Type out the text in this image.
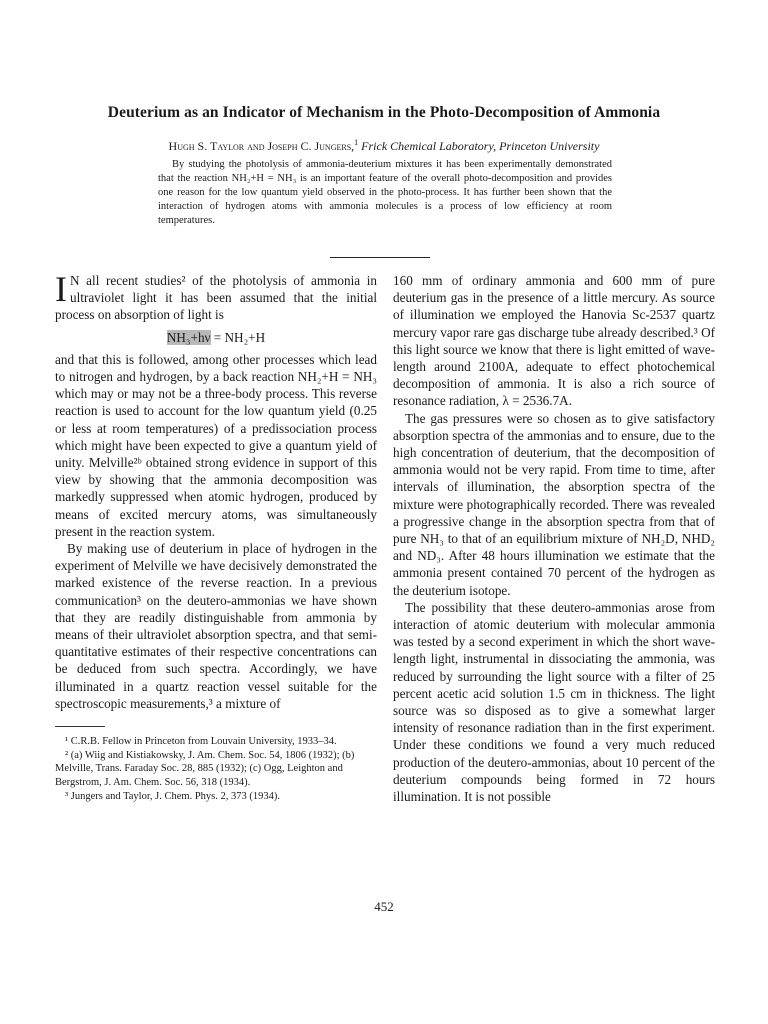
Deuterium as an Indicator of Mechanism in the Photo-Decomposition of Ammonia
Hugh S. Taylor and Joseph C. Jungers,$^1$ Frick Chemical Laboratory, Princeton University

By studying the photolysis of ammonia-deuterium mixtures it has been experimentally demonstrated that the reaction NH₂+H = NH₃ is an important feature of the overall photo-decomposition and provides one reason for the low quantum yield observed in the photo-process. It has further been shown that the interaction of hydrogen atoms with ammonia molecules is a process of low efficiency at room temperatures.

I N all recent studies² of the photolysis of ammonia in ultraviolet light it has been assumed that the initial process on absorption of light is

NH₃+hν = NH₂+H

and that this is followed, among other processes which lead to nitrogen and hydrogen, by a back reaction NH₂+H = NH₃ which may or may not be a three-body process. This reverse reaction is used to account for the low quantum yield (0.25 or less at room temperatures) of a predissociation process which might have been expected to give a quantum yield of unity. Melville²ᵇ obtained strong evidence in support of this view by showing that the ammonia decomposition was markedly suppressed when atomic hydrogen, produced by means of excited mercury atoms, was simultaneously present in the reaction system.

By making use of deuterium in place of hydrogen in the experiment of Melville we have decisively demonstrated the marked existence of the reverse reaction. In a previous communication³ on the deutero-ammonias we have shown that they are readily distinguishable from ammonia by means of their ultraviolet absorption spectra, and that semi-quantitative estimates of their respective concentrations can be deduced from such spectra. Accordingly, we have illuminated in a quartz reaction vessel suitable for the spectroscopic measurements,³ a mixture of

¹ C.R.B. Fellow in Princeton from Louvain University, 1933–34.

² (a) Wiig and Kistiakowsky, J. Am. Chem. Soc. 54, 1806 (1932); (b) Melville, Trans. Faraday Soc. 28, 885 (1932); (c) Ogg, Leighton and Bergstrom, J. Am. Chem. Soc. 56, 318 (1934).

³ Jungers and Taylor, J. Chem. Phys. 2, 373 (1934).

160 mm of ordinary ammonia and 600 mm of pure deuterium gas in the presence of a little mercury. As source of illumination we employed the Hanovia Sc-2537 quartz mercury vapor rare gas discharge tube already described.³ Of this light source we know that there is light emitted of wave-length around 2100A, adequate to effect photochemical decomposition of ammonia. It is also a rich source of resonance radiation, λ = 2536.7A.

The gas pressures were so chosen as to give satisfactory absorption spectra of the ammonias and to ensure, due to the high concentration of deuterium, that the decomposition of ammonia would not be very rapid. From time to time, after intervals of illumination, the absorption spectra of the mixture were photographically recorded. There was revealed a progressive change in the absorption spectra from that of pure NH₃ to that of an equilibrium mixture of NH₂D, NHD₂ and ND₃. After 48 hours illumination we estimate that the ammonia present contained 70 percent of the hydrogen as the deuterium isotope.

The possibility that these deutero-ammonias arose from interaction of atomic deuterium with molecular ammonia was tested by a second experiment in which the short wave-length light, instrumental in dissociating the ammonia, was reduced by surrounding the light source with a filter of 25 percent acetic acid solution 1.5 cm in thickness. The light source was so disposed as to give a somewhat larger intensity of resonance radiation than in the first experiment. Under these conditions we found a very much reduced production of the deutero-ammonias, about 10 percent of the deuterium compounds being formed in 72 hours illumination. It is not possible

452
